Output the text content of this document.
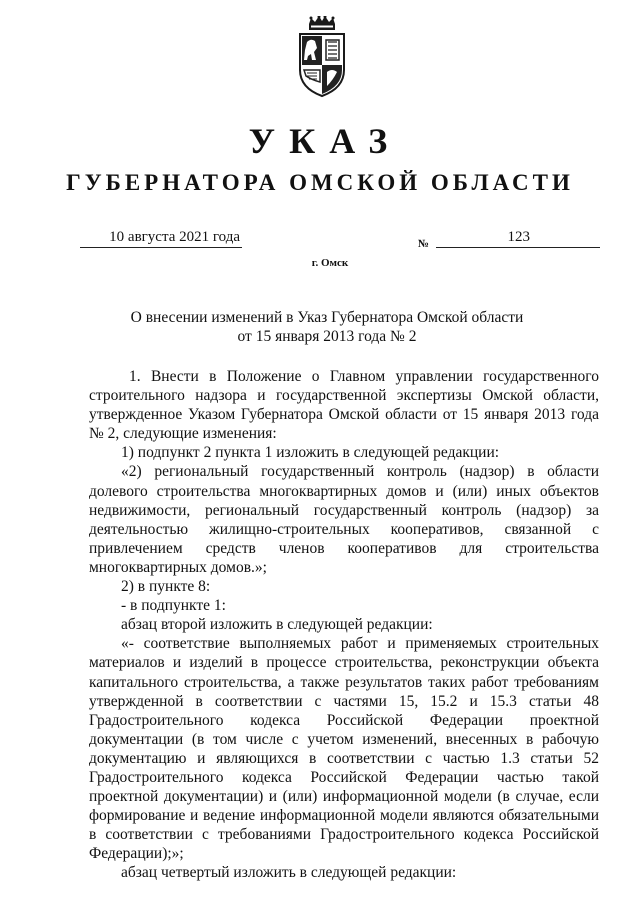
УКАЗ
ГУБЕРНАТОРА ОМСКОЙ ОБЛАСТИ
10 августа 2021 года	№	123
г. Омск
О внесении изменений в Указ Губернатора Омской области
от 15 января 2013 года № 2

1. Внести в Положение о Главном управлении государственного строительного надзора и государственной экспертизы Омской области, утвержденное Указом Губернатора Омской области от 15 января 2013 года № 2, следующие изменения:

1) подпункт 2 пункта 1 изложить в следующей редакции:

«2) региональный государственный контроль (надзор) в области долевого строительства многоквартирных домов и (или) иных объектов недвижимости, региональный государственный контроль (надзор) за деятельностью жилищно-строительных кооперативов, связанной с привлечением средств членов кооперативов для строительства многоквартирных домов.»;

2) в пункте 8:

- в подпункте 1:

абзац второй изложить в следующей редакции:

«- соответствие выполняемых работ и применяемых строительных материалов и изделий в процессе строительства, реконструкции объекта капитального строительства, а также результатов таких работ требованиям утвержденной в соответствии с частями 15, 15.2 и 15.3 статьи 48 Градостроительного кодекса Российской Федерации проектной документации (в том числе с учетом изменений, внесенных в рабочую документацию и являющихся в соответствии с частью 1.3 статьи 52 Градостроительного кодекса Российской Федерации частью такой проектной документации) и (или) информационной модели (в случае, если формирование и ведение информационной модели являются обязательными в соответствии с требованиями Градостроительного кодекса Российской Федерации);»;

абзац четвертый изложить в следующей редакции:
